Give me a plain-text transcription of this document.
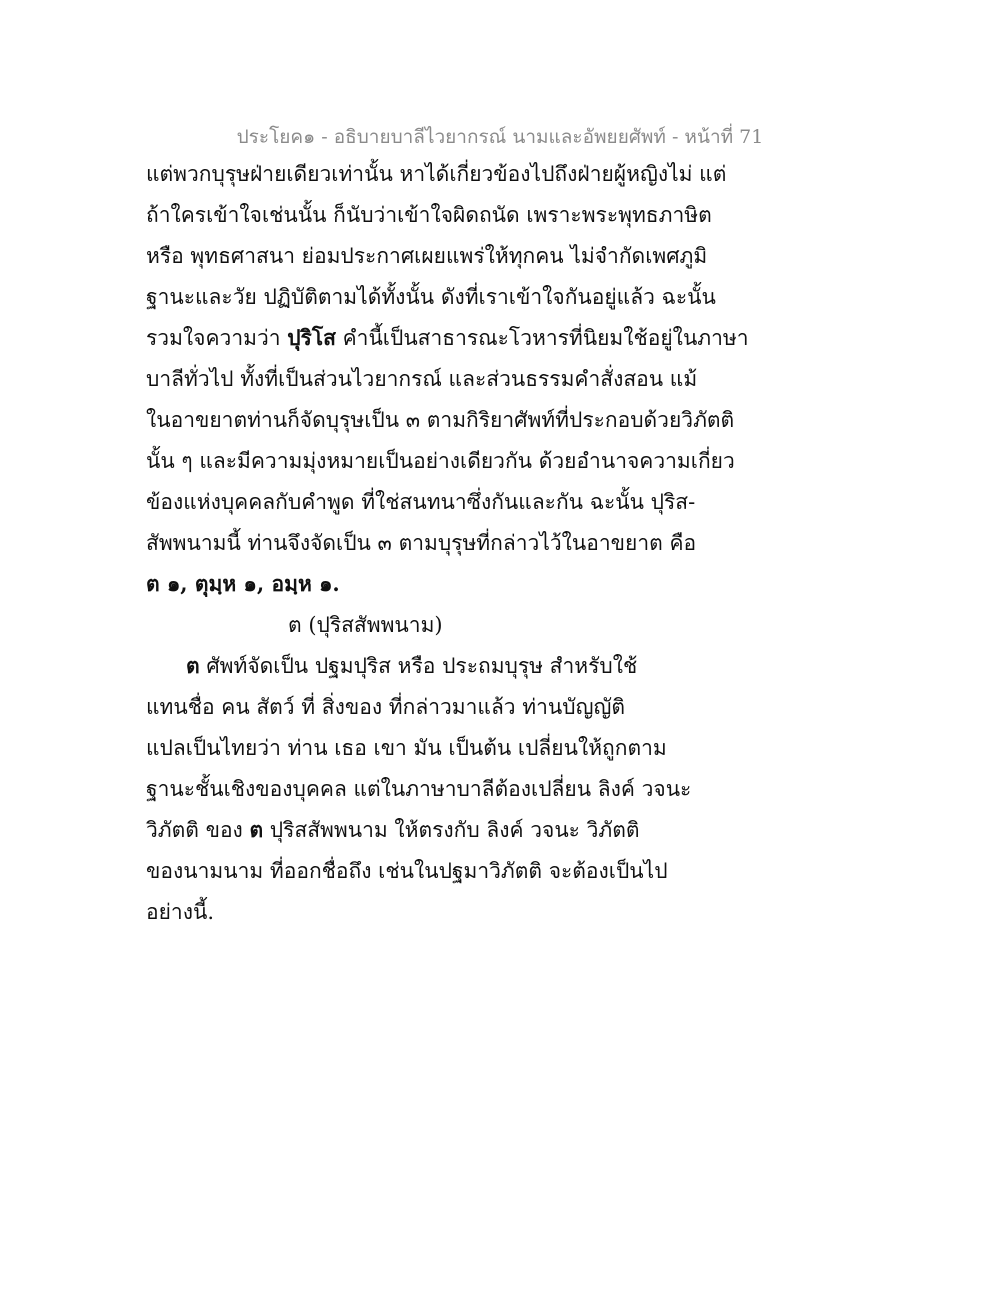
ประโยค๑ - อธิบายบาลีไวยากรณ์ นามและอัพยยศัพท์ - หน้าที่ 71
แต่พวกบุรุษฝ่ายเดียวเท่านั้น หาได้เกี่ยวข้องไปถึงฝ่ายผู้หญิงไม่ แต่
ถ้าใครเข้าใจเช่นนั้น ก็นับว่าเข้าใจผิดถนัด เพราะพระพุทธภาษิต
หรือ พุทธศาสนา ย่อมประกาศเผยแพร่ให้ทุกคน ไม่จำกัดเพศภูมิ
ฐานะและวัย ปฏิบัติตามได้ทั้งนั้น ดังที่เราเข้าใจกันอยู่แล้ว ฉะนั้น
รวมใจความว่า ปุริโส คำนี้เป็นสาธารณะโวหารที่นิยมใช้อยู่ในภาษา
บาลีทั่วไป ทั้งที่เป็นส่วนไวยากรณ์ และส่วนธรรมคำสั่งสอน แม้
ในอาขยาตท่านก็จัดบุรุษเป็น ๓ ตามกิริยาศัพท์ที่ประกอบด้วยวิภัตติ
นั้น ๆ และมีความมุ่งหมายเป็นอย่างเดียวกัน ด้วยอำนาจความเกี่ยว
ข้องแห่งบุคคลกับคำพูด ที่ใช่สนทนาซึ่งกันและกัน ฉะนั้น ปุริส-
สัพพนามนี้ ท่านจึงจัดเป็น ๓ ตามบุรุษที่กล่าวไว้ในอาขยาต คือ
ต ๑, ตุมฺห ๑, อมฺห ๑.
ต (ปุริสสัพพนาม)
ต ศัพท์จัดเป็น ปฐมปุริส หรือ ประถมบุรุษ สำหรับใช้
แทนชื่อ คน สัตว์ ที่ สิ่งของ ที่กล่าวมาแล้ว ท่านบัญญัติ
แปลเป็นไทยว่า ท่าน เธอ เขา มัน เป็นต้น เปลี่ยนให้ถูกตาม
ฐานะชั้นเชิงของบุคคล แต่ในภาษาบาลีต้องเปลี่ยน ลิงค์ วจนะ
วิภัตติ ของ ต ปุริสสัพพนาม ให้ตรงกับ ลิงค์ วจนะ วิภัตติ
ของนามนาม ที่ออกชื่อถึง เช่นในปฐมาวิภัตติ จะต้องเป็นไป
อย่างนี้.
